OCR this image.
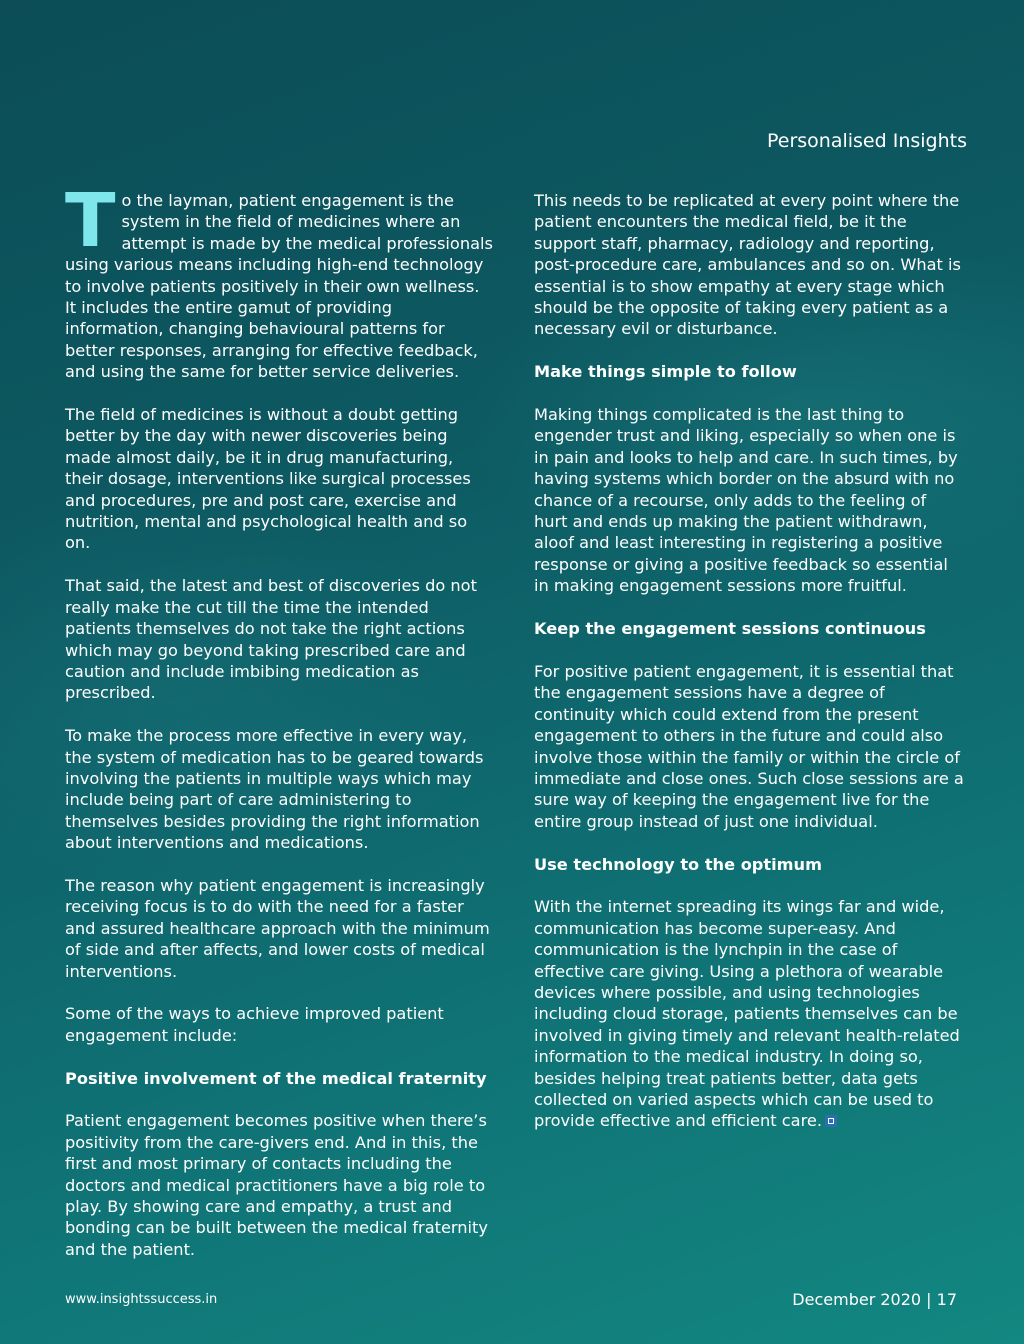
Personalised Insights

To the layman, patient engagement is the system in the field of medicines where an attempt is made by the medical professionals using various means including high-end technology to involve patients positively in their own wellness. It includes the entire gamut of providing information, changing behavioural patterns for better responses, arranging for effective feedback, and using the same for better service deliveries.

The field of medicines is without a doubt getting better by the day with newer discoveries being made almost daily, be it in drug manufacturing, their dosage, interventions like surgical processes and procedures, pre and post care, exercise and nutrition, mental and psychological health and so on.

That said, the latest and best of discoveries do not really make the cut till the time the intended patients themselves do not take the right actions which may go beyond taking prescribed care and caution and include imbibing medication as prescribed.

To make the process more effective in every way, the system of medication has to be geared towards involving the patients in multiple ways which may include being part of care administering to themselves besides providing the right information about interventions and medications.

The reason why patient engagement is increasingly receiving focus is to do with the need for a faster and assured healthcare approach with the minimum of side and after affects, and lower costs of medical interventions.

Some of the ways to achieve improved patient engagement include:

Positive involvement of the medical fraternity

Patient engagement becomes positive when there’s positivity from the care-givers end. And in this, the first and most primary of contacts including the doctors and medical practitioners have a big role to play. By showing care and empathy, a trust and bonding can be built between the medical fraternity and the patient.

This needs to be replicated at every point where the patient encounters the medical field, be it the support staff, pharmacy, radiology and reporting, post-procedure care, ambulances and so on. What is essential is to show empathy at every stage which should be the opposite of taking every patient as a necessary evil or disturbance.

Make things simple to follow

Making things complicated is the last thing to engender trust and liking, especially so when one is in pain and looks to help and care. In such times, by having systems which border on the absurd with no chance of a recourse, only adds to the feeling of hurt and ends up making the patient withdrawn, aloof and least interesting in registering a positive response or giving a positive feedback so essential in making engagement sessions more fruitful.

Keep the engagement sessions continuous

For positive patient engagement, it is essential that the engagement sessions have a degree of continuity which could extend from the present engagement to others in the future and could also involve those within the family or within the circle of immediate and close ones. Such close sessions are a sure way of keeping the engagement live for the entire group instead of just one individual.

Use technology to the optimum

With the internet spreading its wings far and wide, communication has become super-easy. And communication is the lynchpin in the case of effective care giving. Using a plethora of wearable devices where possible, and using technologies including cloud storage, patients themselves can be involved in giving timely and relevant health-related information to the medical industry. In doing so, besides helping treat patients better, data gets collected on varied aspects which can be used to provide effective and efficient care.

www.insightssuccess.in	December 2020 | 17
